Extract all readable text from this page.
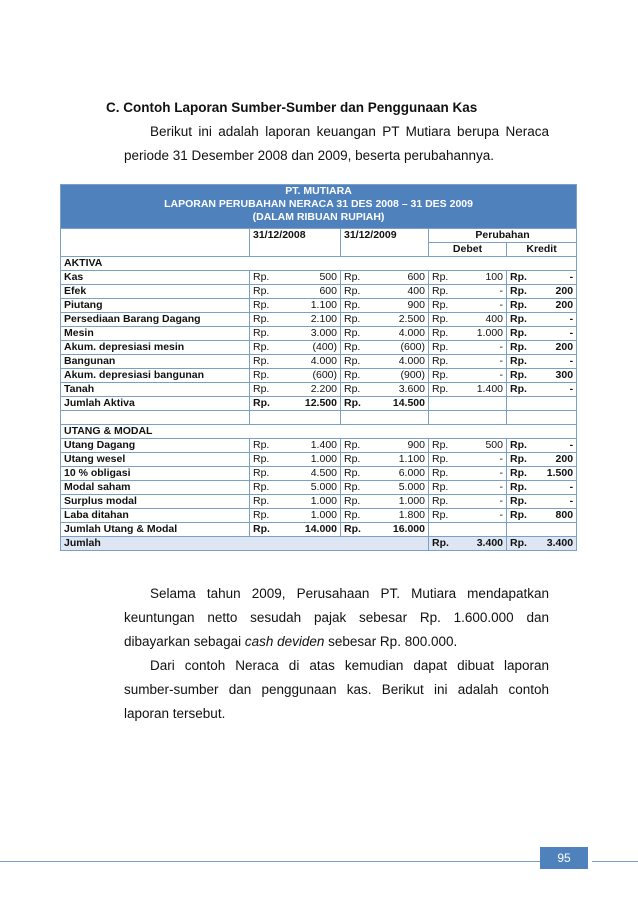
C. Contoh Laporan Sumber-Sumber dan Penggunaan Kas
Berikut ini adalah laporan keuangan PT Mutiara berupa Neraca periode 31 Desember 2008 dan 2009, beserta perubahannya.
PT. MUTIARA				
LAPORAN PERUBAHAN NERACA 31 DES 2008 – 31 DES 2009				
(DALAM RIBUAN RUPIAH)				
	31/12/2008	31/12/2009	Perubahan	
			Debet	Kredit
AKTIVA				
Kas	Rp. 500	Rp. 600	Rp. 100	Rp. -

Efek	Rp. 600	Rp. 400	Rp. -	Rp. 200

Piutang	Rp. 1.100	Rp. 900	Rp. -	Rp. 200

Persediaan Barang Dagang	Rp. 2.100	Rp. 2.500	Rp. 400	Rp. -

Mesin	Rp. 3.000	Rp. 4.000	Rp. 1.000	Rp. -

Akum. depresiasi mesin	Rp. (400)	Rp. (600)	Rp. -	Rp. 200

Bangunan	Rp. 4.000	Rp. 4.000	Rp. -	Rp. -

Akum. depresiasi bangunan	Rp. (600)	Rp. (900)	Rp. -	Rp. 300

Tanah	Rp. 2.200	Rp. 3.600	Rp. 1.400	Rp. -

Jumlah Aktiva	Rp. 12.500	Rp. 14.500		

UTANG & MODAL				
Utang Dagang	Rp. 1.400	Rp. 900	Rp. 500	Rp. -

Utang wesel	Rp. 1.000	Rp. 1.100	Rp. -	Rp. 200

10 % obligasi	Rp. 4.500	Rp. 6.000	Rp. -	Rp. 1.500

Modal saham	Rp. 5.000	Rp. 5.000	Rp. -	Rp. -

Surplus modal	Rp. 1.000	Rp. 1.000	Rp. -	Rp. -

Laba ditahan	Rp. 1.000	Rp. 1.800	Rp. -	Rp. 800

Jumlah Utang & Modal	Rp. 14.000	Rp. 16.000		

Jumlah			Rp. 3.400	Rp. 3.400
Selama tahun 2009, Perusahaan PT. Mutiara mendapatkan keuntungan netto sesudah pajak sebesar Rp. 1.600.000 dan dibayarkan sebagai cash deviden sebesar Rp. 800.000.
Dari contoh Neraca di atas kemudian dapat dibuat laporan sumber-sumber dan penggunaan kas. Berikut ini adalah contoh laporan tersebut.
95
